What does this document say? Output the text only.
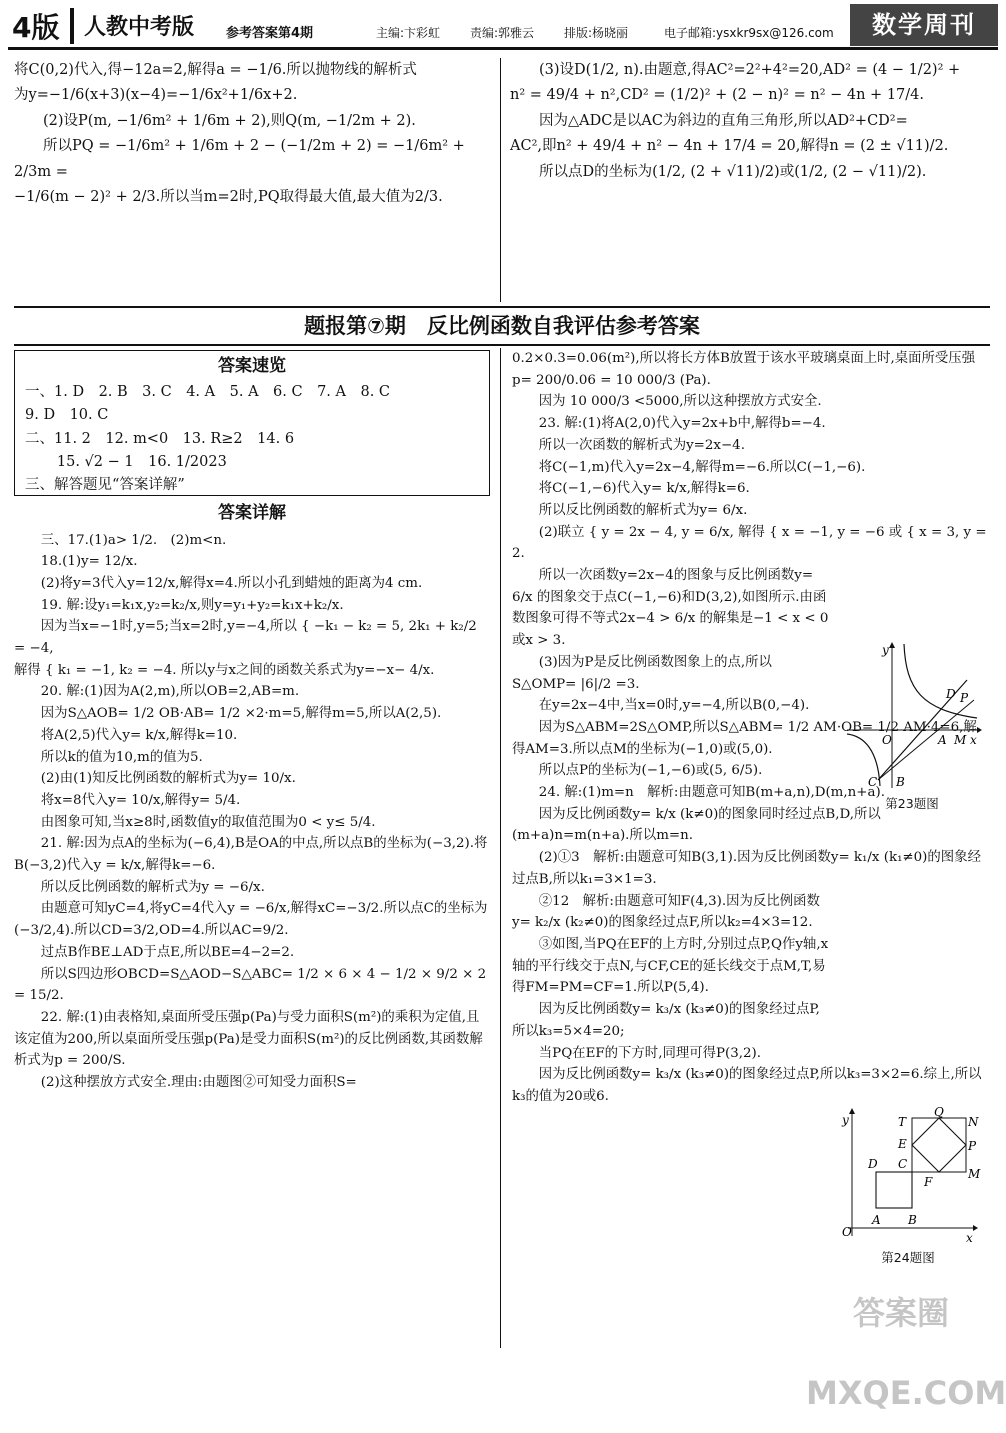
4版 人教中考版 参考答案第4期	主编:卞彩虹 责编:郭雅云 排版:杨晓丽	电子邮箱:ysxkr9sx@126.com	数学周刊

将C(0,2)代入,得−12a=2,解得a = −1/6.所以抛物线的解析式

为y=−1/6(x+3)(x−4)=−1/6x²+1/6x+2.

(2)设P(m, −1/6m² + 1/6m + 2),则Q(m, −1/2m + 2).

所以PQ = −1/6m² + 1/6m + 2 − (−1/2m + 2) = −1/6m² + 2/3m =

−1/6(m − 2)² + 2/3.所以当m=2时,PQ取得最大值,最大值为2/3.

(3)设D(1/2, n).由题意,得AC²=2²+4²=20,AD² = (4 − 1/2)² +

n² = 49/4 + n²,CD² = (1/2)² + (2 − n)² = n² − 4n + 17/4.

因为△ADC是以AC为斜边的直角三角形,所以AD²+CD²=

AC²,即n² + 49/4 + n² − 4n + 17/4 = 20,解得n = (2 ± √11)/2.

所以点D的坐标为(1/2, (2 + √11)/2)或(1/2, (2 − √11)/2).

题报第⑦期　反比例函数自我评估参考答案
答案速览

一、1. D　2. B　3. C　4. A　5. A　6. C　7. A　8. C

9. D　10. C

二、11. 2　12. m<0　13. R≥2　14. 6

15. √2 − 1　16. 1/2023

三、解答题见“答案详解”

答案详解

三、17.(1)a> 1/2.　(2)m<n.

18.(1)y= 12/x.

(2)将y=3代入y=12/x,解得x=4.所以小孔到蜡烛的距离为4 cm.

19. 解:设y₁=k₁x,y₂=k₂/x,则y=y₁+y₂=k₁x+k₂/x.

因为当x=−1时,y=5;当x=2时,y=−4,所以 { −k₁ − k₂ = 5, 2k₁ + k₂/2 = −4,

解得 { k₁ = −1, k₂ = −4. 所以y与x之间的函数关系式为y=−x− 4/x.

20. 解:(1)因为A(2,m),所以OB=2,AB=m.

因为S△AOB= 1/2 OB·AB= 1/2 ×2·m=5,解得m=5,所以A(2,5).

将A(2,5)代入y= k/x,解得k=10.

所以k的值为10,m的值为5.

(2)由(1)知反比例函数的解析式为y= 10/x.

将x=8代入y= 10/x,解得y= 5/4.

由图象可知,当x≥8时,函数值y的取值范围为0 < y≤ 5/4.

21. 解:因为点A的坐标为(−6,4),B是OA的中点,所以点B的坐标为(−3,2).将B(−3,2)代入y = k/x,解得k=−6.

所以反比例函数的解析式为y = −6/x.

由题意可知yC=4,将yC=4代入y = −6/x,解得xC=−3/2.所以点C的坐标为(−3/2,4).所以CD=3/2,OD=4.所以AC=9/2.

过点B作BE⊥AD于点E,所以BE=4−2=2.

所以S四边形OBCD=S△AOD−S△ABC= 1/2 × 6 × 4 − 1/2 × 9/2 × 2 = 15/2.

22. 解:(1)由表格知,桌面所受压强p(Pa)与受力面积S(m²)的乘积为定值,且该定值为200,所以桌面所受压强p(Pa)是受力面积S(m²)的反比例函数,其函数解析式为p = 200/S.

(2)这种摆放方式安全.理由:由题图②可知受力面积S=

0.2×0.3=0.06(m²),所以将长方体B放置于该水平玻璃桌面上时,桌面所受压强p= 200/0.06 = 10 000/3 (Pa).

因为 10 000/3 <5000,所以这种摆放方式安全.

23. 解:(1)将A(2,0)代入y=2x+b中,解得b=−4.

所以一次函数的解析式为y=2x−4.

将C(−1,m)代入y=2x−4,解得m=−6.所以C(−1,−6).

将C(−1,−6)代入y= k/x,解得k=6.

所以反比例函数的解析式为y= 6/x.

(2)联立 { y = 2x − 4, y = 6/x, 解得 { x = −1, y = −6 或 { x = 3, y = 2.

所以一次函数y=2x−4的图象与反比例函数y= 6/x 的图象交于点C(−1,−6)和D(3,2),如图所示.由函数图象可得不等式2x−4 > 6/x 的解集是−1 < x < 0或x > 3.

(3)因为P是反比例函数图象上的点,所以S△OMP= |6|/2 =3.

在y=2x−4中,当x=0时,y=−4,所以B(0,−4).

因为S△ABM=2S△OMP,所以S△ABM= 1/2 AM·OB= 1/2 AM·4=6,解得AM=3.所以点M的坐标为(−1,0)或(5,0).

所以点P的坐标为(−1,−6)或(5, 6/5).

24. 解:(1)m=n　解析:由题意可知B(m+a,n),D(m,n+a).

因为反比例函数y= k/x (k≠0)的图象同时经过点B,D,所以(m+a)n=m(n+a).所以m=n.

(2)①3　解析:由题意可知B(3,1).因为反比例函数y= k₁/x (k₁≠0)的图象经过点B,所以k₁=3×1=3.

②12　解析:由题意可知F(4,3).因为反比例函数y= k₂/x (k₂≠0)的图象经过点F,所以k₂=4×3=12.

③如图,当PQ在EF的上方时,分别过点P,Q作y轴,x轴的平行线交于点N,与CF,CE的延长线交于点M,T,易得FM=PM=CF=1.所以P(5,4).

因为反比例函数y= k₃/x (k₃≠0)的图象经过点P,所以k₃=5×4=20;

当PQ在EF的下方时,同理可得P(3,2).

因为反比例函数y= k₃/x (k₃≠0)的图象经过点P,所以k₃=3×2=6.综上,所以k₃的值为20或6.

y
x
O	A M
D P
C B
第23题图
y
x
O
A B
C
D
E
F
T
Q
N
P
M
第24题图
答案圈 MXQE.COM
